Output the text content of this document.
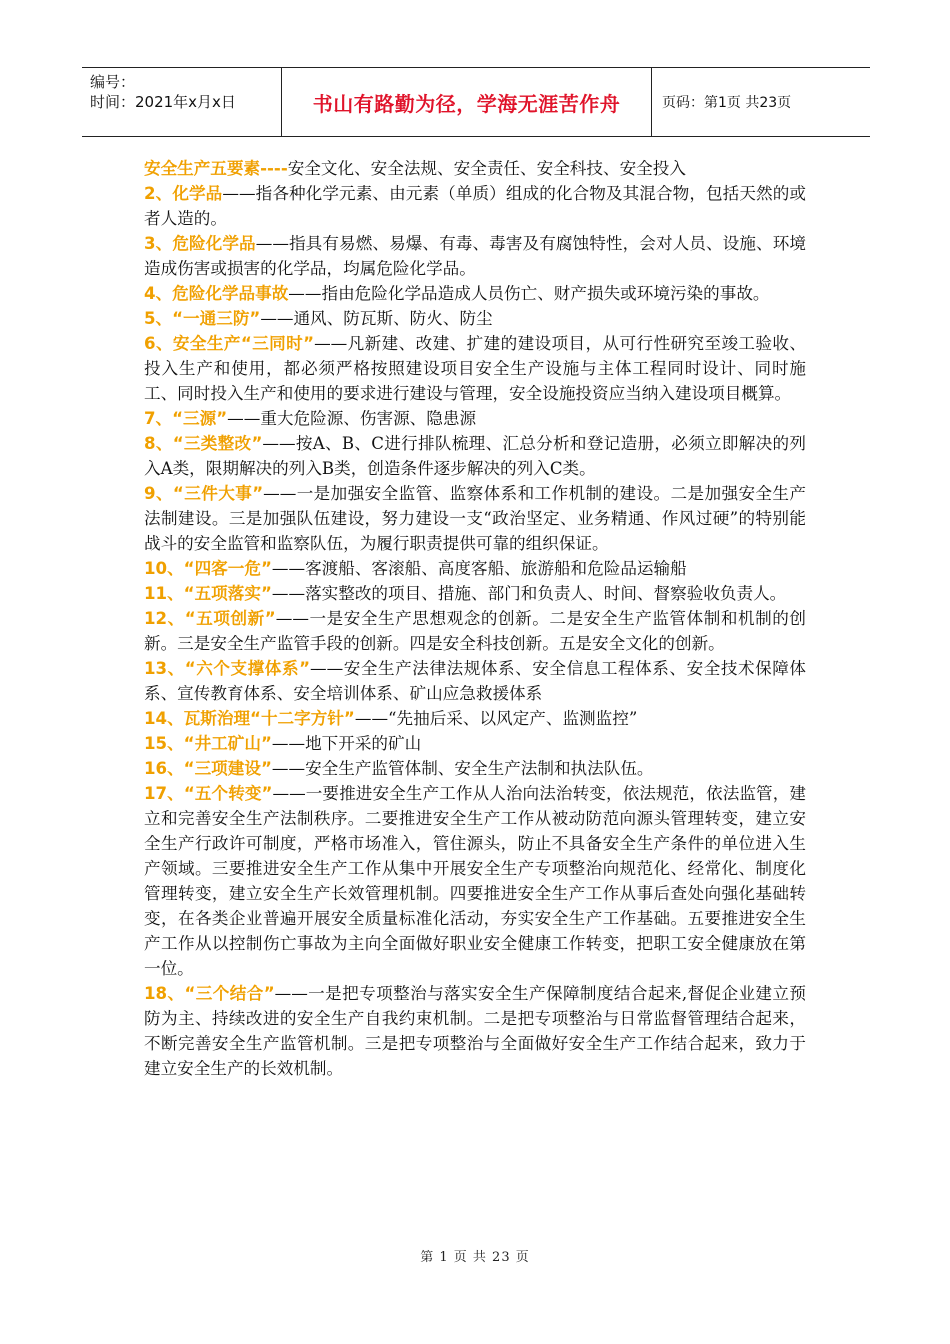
编号：
时间：2021年x月x日	书山有路勤为径，学海无涯苦作舟	页码：第1页 共23页

安全生产五要素----安全文化、安全法规、安全责任、安全科技、安全投入

2、化学品——指各种化学元素、由元素（单质）组成的化合物及其混合物，包括天然的或者人造的。

3、危险化学品——指具有易燃、易爆、有毒、毒害及有腐蚀特性，会对人员、设施、环境造成伤害或损害的化学品，均属危险化学品。

4、危险化学品事故——指由危险化学品造成人员伤亡、财产损失或环境污染的事故。

5、“一通三防”——通风、防瓦斯、防火、防尘

6、安全生产“三同时”——凡新建、改建、扩建的建设项目，从可行性研究至竣工验收、投入生产和使用，都必须严格按照建设项目安全生产设施与主体工程同时设计、同时施工、同时投入生产和使用的要求进行建设与管理，安全设施投资应当纳入建设项目概算。

7、“三源”——重大危险源、伤害源、隐患源

8、“三类整改”——按A、B、C进行排队梳理、汇总分析和登记造册，必须立即解决的列入A类，限期解决的列入B类，创造条件逐步解决的列入C类。

9、“三件大事”——一是加强安全监管、监察体系和工作机制的建设。二是加强安全生产法制建设。三是加强队伍建设，努力建设一支“政治坚定、业务精通、作风过硬”的特别能战斗的安全监管和监察队伍，为履行职责提供可靠的组织保证。

10、“四客一危”——客渡船、客滚船、高度客船、旅游船和危险品运输船

11、“五项落实”——落实整改的项目、措施、部门和负责人、时间、督察验收负责人。

12、“五项创新”——一是安全生产思想观念的创新。二是安全生产监管体制和机制的创新。三是安全生产监管手段的创新。四是安全科技创新。五是安全文化的创新。

13、“六个支撑体系”——安全生产法律法规体系、安全信息工程体系、安全技术保障体系、宣传教育体系、安全培训体系、矿山应急救援体系

14、瓦斯治理“十二字方针”——“先抽后采、以风定产、监测监控”

15、“井工矿山”——地下开采的矿山

16、“三项建设”——安全生产监管体制、安全生产法制和执法队伍。

17、“五个转变”——一要推进安全生产工作从人治向法治转变，依法规范，依法监管，建立和完善安全生产法制秩序。二要推进安全生产工作从被动防范向源头管理转变，建立安全生产行政许可制度，严格市场准入，管住源头，防止不具备安全生产条件的单位进入生产领域。三要推进安全生产工作从集中开展安全生产专项整治向规范化、经常化、制度化管理转变，建立安全生产长效管理机制。四要推进安全生产工作从事后查处向强化基础转变，在各类企业普遍开展安全质量标准化活动，夯实安全生产工作基础。五要推进安全生产工作从以控制伤亡事故为主向全面做好职业安全健康工作转变，把职工安全健康放在第一位。

18、“三个结合”——一是把专项整治与落实安全生产保障制度结合起来,督促企业建立预防为主、持续改进的安全生产自我约束机制。二是把专项整治与日常监督管理结合起来，不断完善安全生产监管机制。三是把专项整治与全面做好安全生产工作结合起来，致力于建立安全生产的长效机制。

第 1 页 共 23 页
